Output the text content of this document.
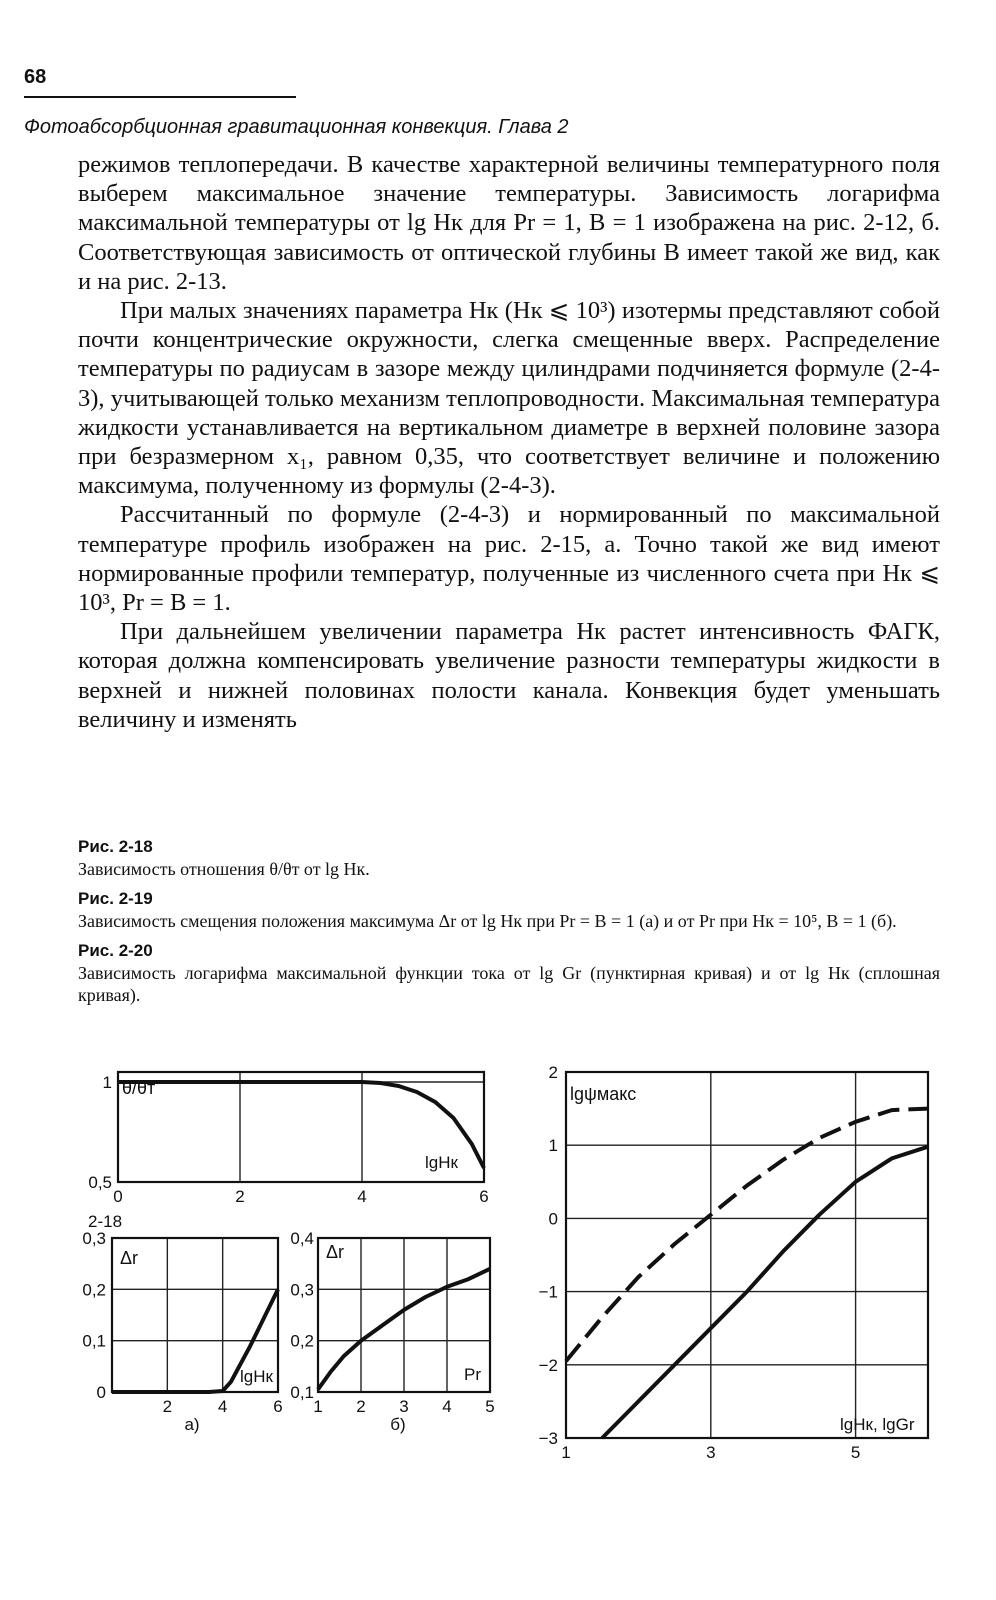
68
Фотоабсорбционная гравитационная конвекция. Глава 2

режимов теплопередачи. В качестве характерной величины температурного поля выберем максимальное значение температуры. Зависимость логарифма максимальной температуры от lg Нк для Pr = 1, B = 1 изображена на рис. 2-12, б. Соответствующая зависимость от оптической глубины B имеет такой же вид, как и на рис. 2-13.

При малых значениях параметра Нк (Нк ⩽ 10³) изотермы представляют собой почти концентрические окружности, слегка смещенные вверх. Распределение температуры по радиусам в зазоре между цилиндрами подчиняется формуле (2-4-3), учитывающей только механизм теплопроводности. Максимальная температура жидкости устанавливается на вертикальном диаметре в верхней половине зазора при безразмерном x₁, равном 0,35, что соответствует величине и положению максимума, полученному из формулы (2-4-3).

Рассчитанный по формуле (2-4-3) и нормированный по максимальной температуре профиль изображен на рис. 2-15, а. Точно такой же вид имеют нормированные профили температур, полученные из численного счета при Нк ⩽ 10³, Pr = B = 1.

При дальнейшем увеличении параметра Нк растет интенсивность ФАГК, которая должна компенсировать увеличение разности температуры жидкости в верхней и нижней половинах полости канала. Конвекция будет уменьшать величину и изменять

Рис. 2-18
Зависимость отношения θ/θт от lg Нк.
Рис. 2-19
Зависимость смещения положения максимума Δr от lg Нк при Pr = B = 1 (а) и от Pr при Нк = 10⁵, B = 1 (б).
Рис. 2-20
Зависимость логарифма максимальной функции тока от lg Gr (пунктирная кривая) и от lg Нк (сплошная кривая).
0	2	4	6
0,5
1 θ/θт
lgНк
2-18
2	4	6
0
0,1
0,2
0,3
Δr
lgНк
а)
1 2 3 4 5
0,1
0,2
0,3
0,4
Δr
Pr
б)
1	3	5
−3
−2
−1
0
1
2
lgψмакс
lgНк, lgGr
